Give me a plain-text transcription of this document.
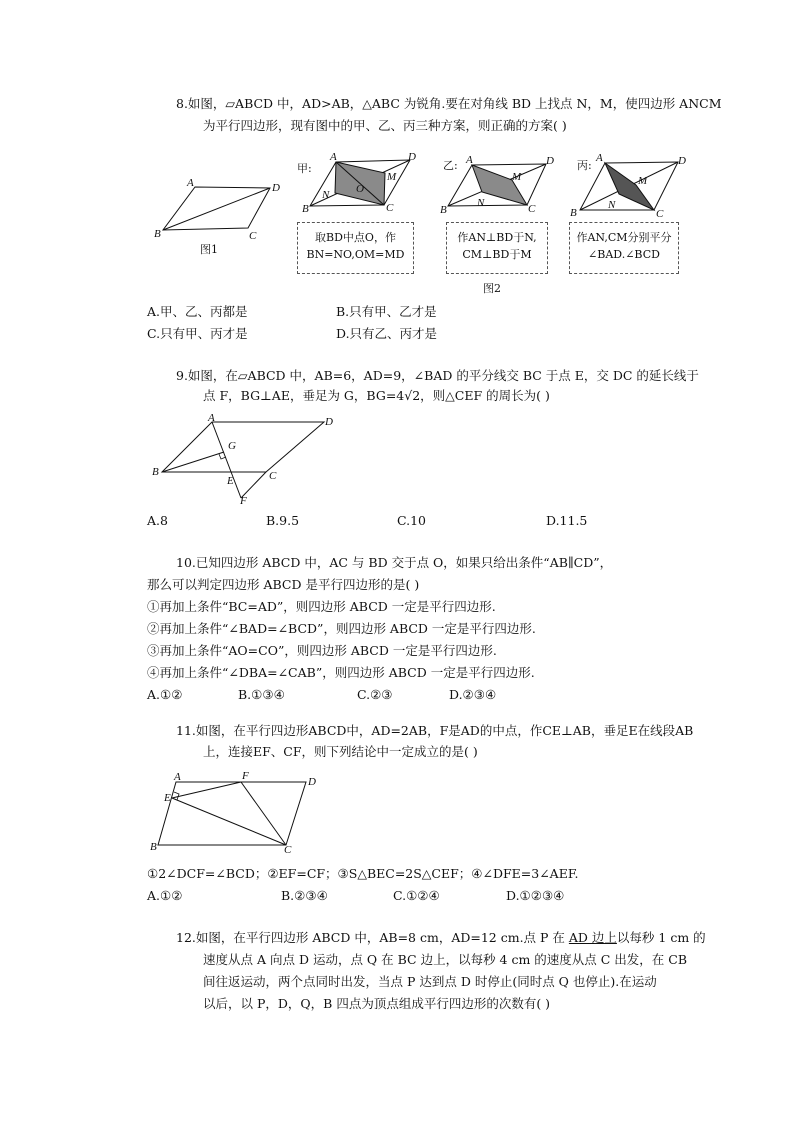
8.如图，▱ABCD 中，AD>AB，△ABC 为锐角.要在对角线 BD 上找点 N，M，使四边形 ANCM
为平行四边形，现有图中的甲、乙、丙三种方案，则正确的方案( )
A	D
B	C
图1
甲:
A	D
B	C
N O
M
取BD中点O，作
BN=NO,OM=MD
乙: A	D
B	C
N
M
作AN⊥BD于N,
CM⊥BD于M
丙:
A	D
B	C
N
M
作AN,CM分别平分
∠BAD.∠BCD
图2
A.甲、乙、丙都是	B.只有甲、乙才是
C.只有甲、丙才是	D.只有乙、丙才是
9.如图，在▱ABCD 中，AB=6，AD=9，∠BAD 的平分线交 BC 于点 E，交 DC 的延长线于
点 F，BG⊥AE，垂足为 G，BG=4√2，则△CEF 的周长为( )
A	D
B	C
G
E
F
A.8	B.9.5	C.10	D.11.5
10.已知四边形 ABCD 中，AC 与 BD 交于点 O，如果只给出条件“AB∥CD”，
那么可以判定四边形 ABCD 是平行四边形的是( )
①再加上条件“BC=AD”，则四边形 ABCD 一定是平行四边形.
②再加上条件“∠BAD=∠BCD”，则四边形 ABCD 一定是平行四边形.
③再加上条件“AO=CO”，则四边形 ABCD 一定是平行四边形.
④再加上条件“∠DBA=∠CAB”，则四边形 ABCD 一定是平行四边形.
A.①②	B.①③④	C.②③	D.②③④
11.如图，在平行四边形ABCD中，AD=2AB，F是AD的中点，作CE⊥AB，垂足E在线段AB
上，连接EF、CF，则下列结论中一定成立的是( )
A	F	D
E
B	C
①2∠DCF=∠BCD；②EF=CF；③S△BEC=2S△CEF；④∠DFE=3∠AEF.
A.①②	B.②③④	C.①②④	D.①②③④
12.如图，在平行四边形 ABCD 中，AB=8 cm，AD=12 cm.点 P 在 AD 边上以每秒 1 cm 的
速度从点 A 向点 D 运动，点 Q 在 BC 边上，以每秒 4 cm 的速度从点 C 出发，在 CB
间往返运动，两个点同时出发，当点 P 达到点 D 时停止(同时点 Q 也停止).在运动
以后，以 P，D，Q，B 四点为顶点组成平行四边形的次数有( )
